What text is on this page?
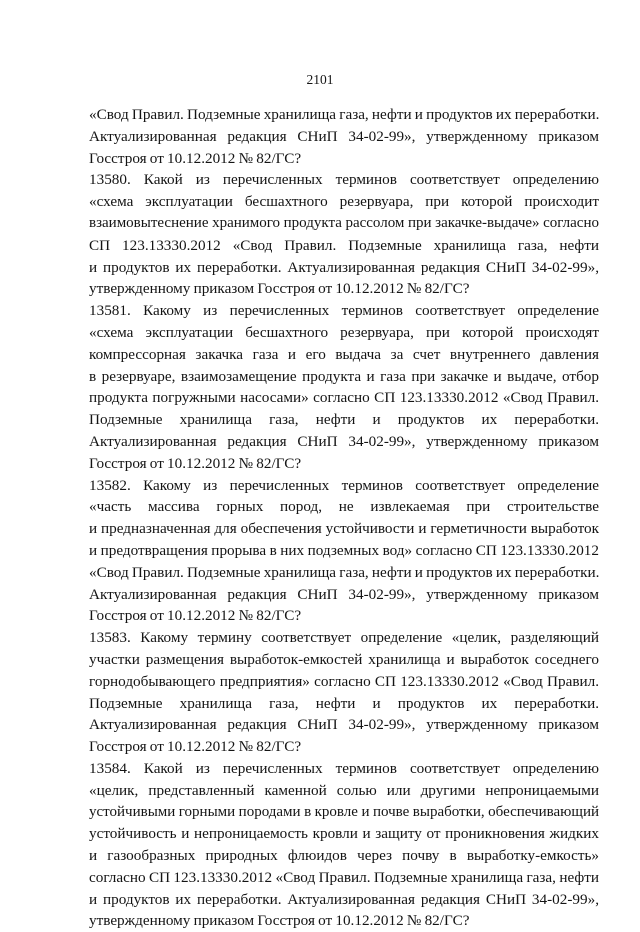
2101
«Свод Правил. Подземные хранилища газа, нефти и продуктов их переработки.
Актуализированная редакция СНиП 34-02-99», утвержденному приказом
Госстроя от 10.12.2012 № 82/ГС?
13580. Какой из перечисленных терминов соответствует определению
«схема эксплуатации бесшахтного резервуара, при которой происходит
взаимовытеснение хранимого продукта рассолом при закачке-выдаче» согласно
СП 123.13330.2012 «Свод Правил. Подземные хранилища газа, нефти
и продуктов их переработки. Актуализированная редакция СНиП 34-02-99»,
утвержденному приказом Госстроя от 10.12.2012 № 82/ГС?
13581. Какому из перечисленных терминов соответствует определение
«схема эксплуатации бесшахтного резервуара, при которой происходят
компрессорная закачка газа и его выдача за счет внутреннего давления
в резервуаре, взаимозамещение продукта и газа при закачке и выдаче, отбор
продукта погружными насосами» согласно СП 123.13330.2012 «Свод Правил.
Подземные хранилища газа, нефти и продуктов их переработки.
Актуализированная редакция СНиП 34-02-99», утвержденному приказом
Госстроя от 10.12.2012 № 82/ГС?
13582. Какому из перечисленных терминов соответствует определение
«часть массива горных пород, не извлекаемая при строительстве
и предназначенная для обеспечения устойчивости и герметичности выработок
и предотвращения прорыва в них подземных вод» согласно СП 123.13330.2012
«Свод Правил. Подземные хранилища газа, нефти и продуктов их переработки.
Актуализированная редакция СНиП 34-02-99», утвержденному приказом
Госстроя от 10.12.2012 № 82/ГС?
13583. Какому термину соответствует определение «целик, разделяющий
участки размещения выработок-емкостей хранилища и выработок соседнего
горнодобывающего предприятия» согласно СП 123.13330.2012 «Свод Правил.
Подземные хранилища газа, нефти и продуктов их переработки.
Актуализированная редакция СНиП 34-02-99», утвержденному приказом
Госстроя от 10.12.2012 № 82/ГС?
13584. Какой из перечисленных терминов соответствует определению
«целик, представленный каменной солью или другими непроницаемыми
устойчивыми горными породами в кровле и почве выработки, обеспечивающий
устойчивость и непроницаемость кровли и защиту от проникновения жидких
и газообразных природных флюидов через почву в выработку-емкость»
согласно СП 123.13330.2012 «Свод Правил. Подземные хранилища газа, нефти
и продуктов их переработки. Актуализированная редакция СНиП 34-02-99»,
утвержденному приказом Госстроя от 10.12.2012 № 82/ГС?
